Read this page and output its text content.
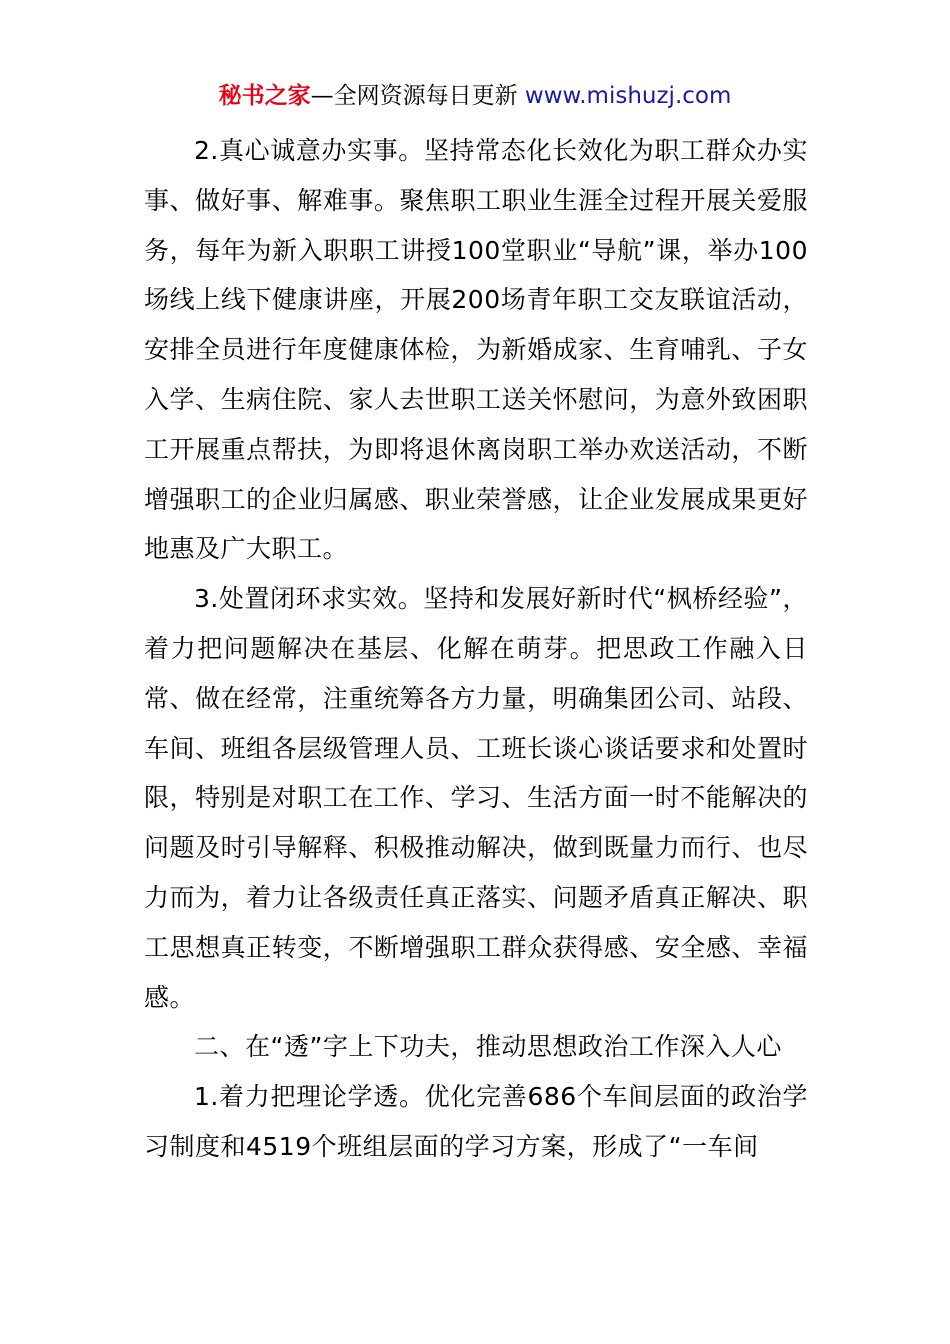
秘书之家—全网资源每日更新 www.mishuzj.com

2.真心诚意办实事。坚持常态化长效化为职工群众办实事、做好事、解难事。聚焦职工职业生涯全过程开展关爱服务，每年为新入职职工讲授100堂职业“导航”课，举办100场线上线下健康讲座，开展200场青年职工交友联谊活动，安排全员进行年度健康体检，为新婚成家、生育哺乳、子女入学、生病住院、家人去世职工送关怀慰问，为意外致困职工开展重点帮扶，为即将退休离岗职工举办欢送活动，不断增强职工的企业归属感、职业荣誉感，让企业发展成果更好地惠及广大职工。

3.处置闭环求实效。坚持和发展好新时代“枫桥经验”，着力把问题解决在基层、化解在萌芽。把思政工作融入日常、做在经常，注重统筹各方力量，明确集团公司、站段、车间、班组各层级管理人员、工班长谈心谈话要求和处置时限，特别是对职工在工作、学习、生活方面一时不能解决的问题及时引导解释、积极推动解决，做到既量力而行、也尽力而为，着力让各级责任真正落实、问题矛盾真正解决、职工思想真正转变，不断增强职工群众获得感、安全感、幸福感。

二、在“透”字上下功夫，推动思想政治工作深入人心

1.着力把理论学透。优化完善686个车间层面的政治学习制度和4519个班组层面的学习方案，形成了“一车间
